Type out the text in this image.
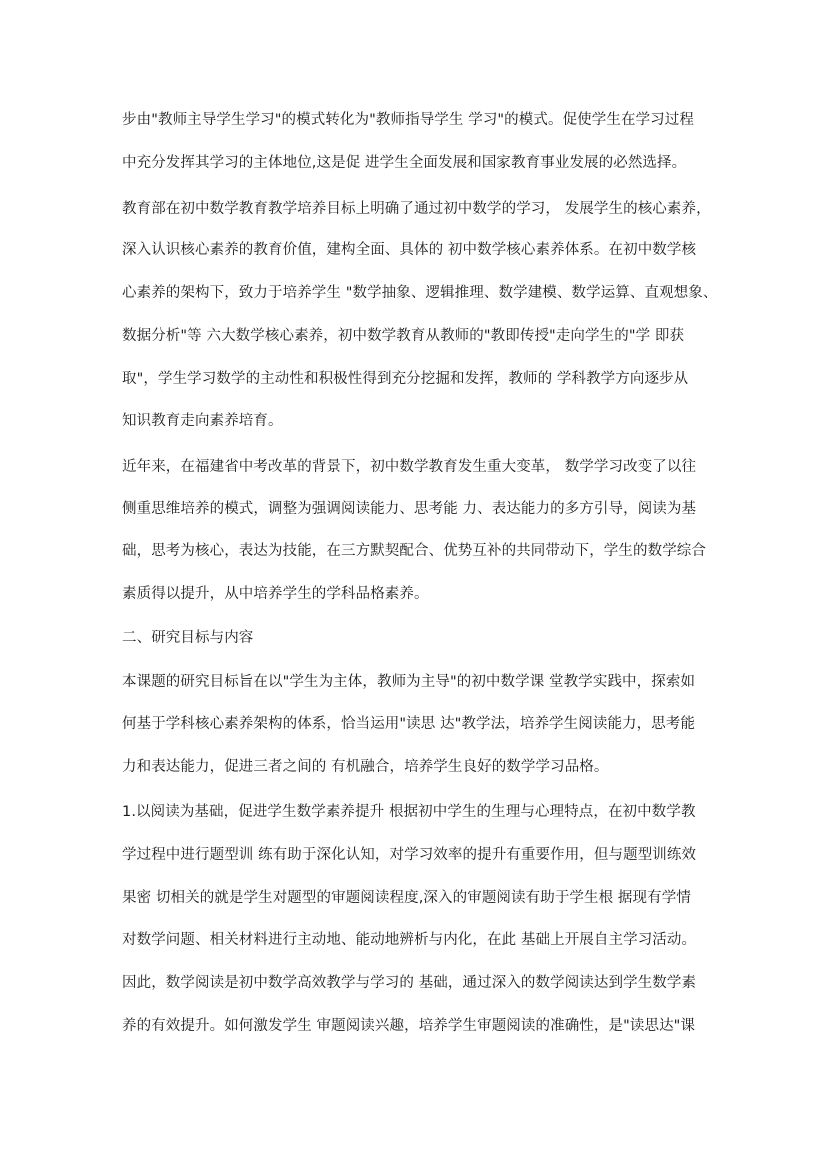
步由"教师主导学生学习"的模式转化为"教师指导学生 学习"的模式。促使学生在学习过程
中充分发挥其学习的主体地位,这是促 进学生全面发展和国家教育事业发展的必然选择。
教育部在初中数学教育教学培养目标上明确了通过初中数学的学习， 发展学生的核心素养，
深入认识核心素养的教育价值，建构全面、具体的 初中数学核心素养体系。在初中数学核
心素养的架构下，致力于培养学生 "数学抽象、逻辑推理、数学建模、数学运算、直观想象、
数据分析"等 六大数学核心素养，初中数学教育从教师的"教即传授"走向学生的"学 即获
取"，学生学习数学的主动性和积极性得到充分挖掘和发挥，教师的 学科教学方向逐步从
知识教育走向素养培育。
近年来，在福建省中考改革的背景下，初中数学教育发生重大变革， 数学学习改变了以往
侧重思维培养的模式，调整为强调阅读能力、思考能 力、表达能力的多方引导，阅读为基
础，思考为核心，表达为技能，在三方默契配合、优势互补的共同带动下，学生的数学综合
素质得以提升，从中培养学生的学科品格素养。
二、研究目标与内容
本课题的研究目标旨在以"学生为主体，教师为主导"的初中数学课 堂教学实践中，探索如
何基于学科核心素养架构的体系，恰当运用"读思 达"教学法，培养学生阅读能力，思考能
力和表达能力，促进三者之间的 有机融合，培养学生良好的数学学习品格。
1.以阅读为基础，促进学生数学素养提升 根据初中学生的生理与心理特点，在初中数学教
学过程中进行题型训 练有助于深化认知，对学习效率的提升有重要作用，但与题型训练效
果密 切相关的就是学生对题型的审题阅读程度,深入的审题阅读有助于学生根 据现有学情
对数学问题、相关材料进行主动地、能动地辨析与内化，在此 基础上开展自主学习活动。
因此，数学阅读是初中数学高效教学与学习的 基础，通过深入的数学阅读达到学生数学素
养的有效提升。如何激发学生 审题阅读兴趣，培养学生审题阅读的准确性，是"读思达"课
